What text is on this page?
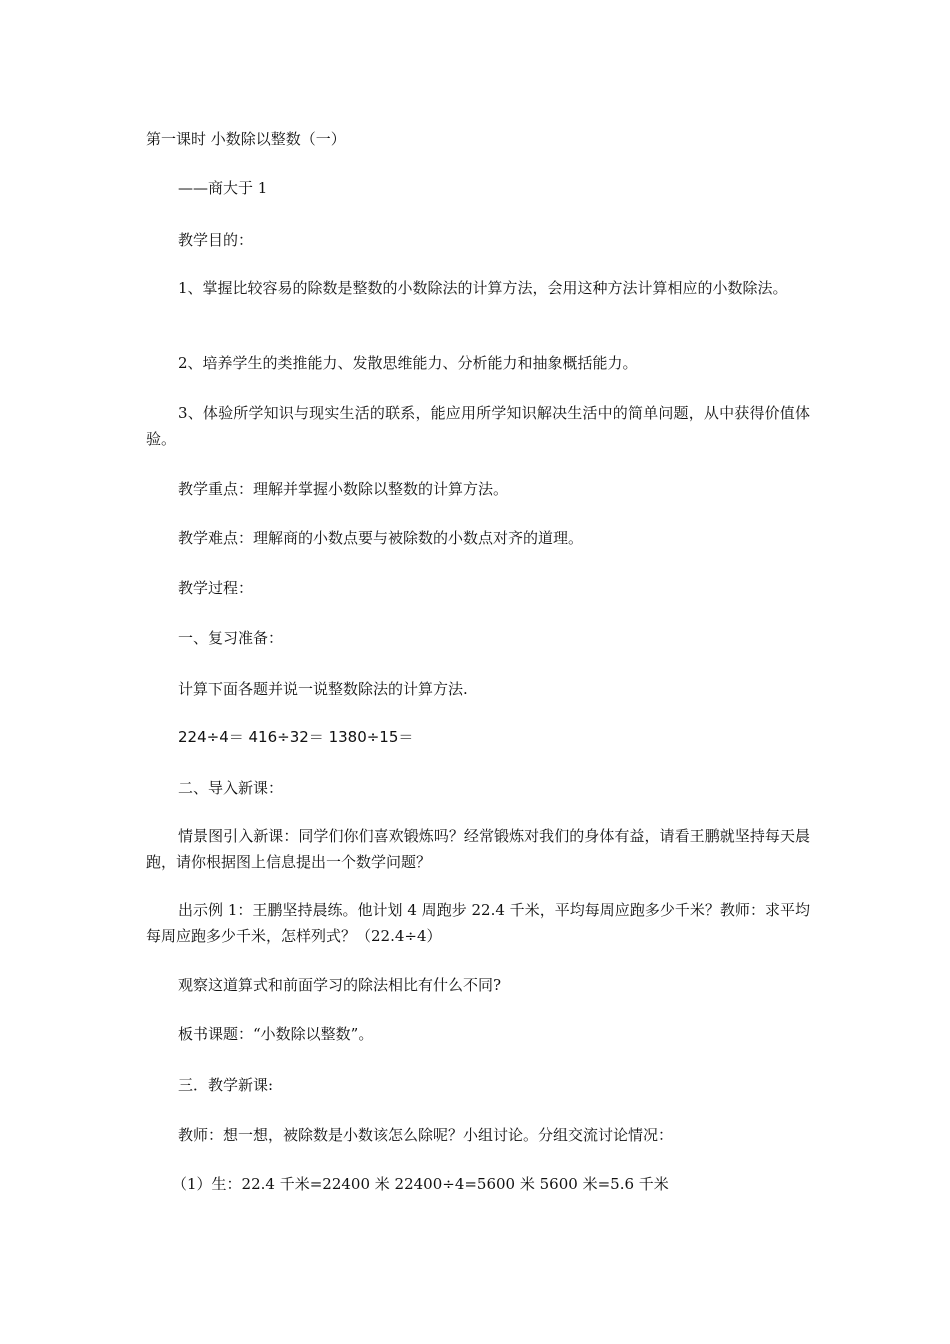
第一课时 小数除以整数（一）
——商大于 1
教学目的：
1、掌握比较容易的除数是整数的小数除法的计算方法，会用这种方法计算相应的小数除法。
2、培养学生的类推能力、发散思维能力、分析能力和抽象概括能力。
3、体验所学知识与现实生活的联系，能应用所学知识解决生活中的简单问题，从中获得价值体验。
教学重点：理解并掌握小数除以整数的计算方法。
教学难点：理解商的小数点要与被除数的小数点对齐的道理。
教学过程：
一、复习准备：
计算下面各题并说一说整数除法的计算方法.
224÷4＝ 416÷32＝ 1380÷15＝
二、导入新课：
情景图引入新课：同学们你们喜欢锻炼吗？经常锻炼对我们的身体有益，请看王鹏就坚持每天晨跑，请你根据图上信息提出一个数学问题？
出示例 1：王鹏坚持晨练。他计划 4 周跑步 22.4 千米，平均每周应跑多少千米？教师：求平均每周应跑多少千米，怎样列式？（22.4÷4）
观察这道算式和前面学习的除法相比有什么不同?
板书课题：“小数除以整数”。
三．教学新课:
教师：想一想，被除数是小数该怎么除呢？小组讨论。分组交流讨论情况：
（1）生：22.4 千米=22400 米 22400÷4=5600 米 5600 米=5.6 千米
